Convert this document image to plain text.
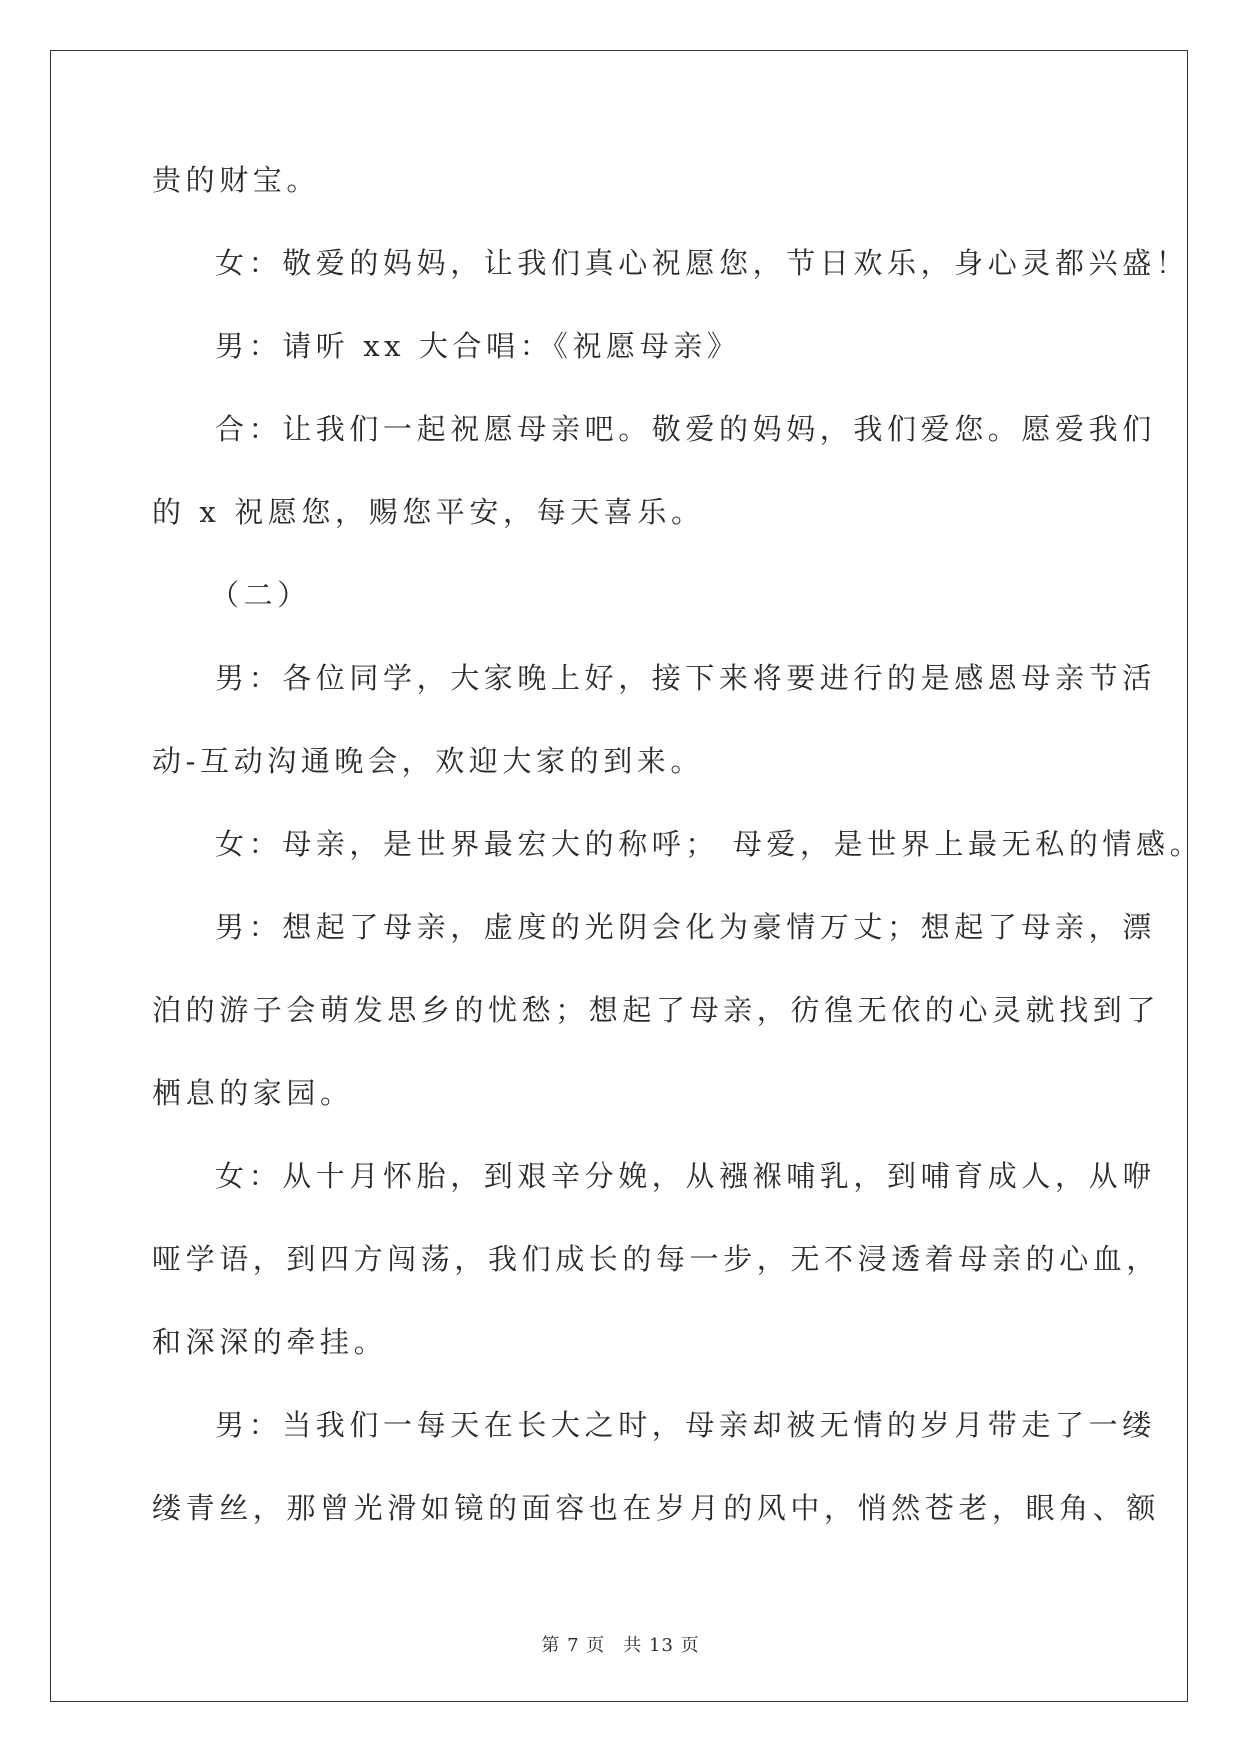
贵的财宝。

女：敬爱的妈妈，让我们真心祝愿您，节日欢乐，身心灵都兴盛！

男：请听 xx 大合唱：《祝愿母亲》

合：让我们一起祝愿母亲吧。敬爱的妈妈，我们爱您。愿爱我们

的 x 祝愿您，赐您平安，每天喜乐。

（二）

男：各位同学，大家晚上好，接下来将要进行的是感恩母亲节活

动-互动沟通晚会，欢迎大家的到来。

女：母亲，是世界最宏大的称呼； 母爱，是世界上最无私的情感。

男：想起了母亲，虚度的光阴会化为豪情万丈；想起了母亲，漂

泊的游子会萌发思乡的忧愁；想起了母亲，彷徨无依的心灵就找到了

栖息的家园。

女：从十月怀胎，到艰辛分娩，从襁褓哺乳，到哺育成人，从咿

哑学语，到四方闯荡，我们成长的每一步，无不浸透着母亲的心血，

和深深的牵挂。

男：当我们一每天在长大之时，母亲却被无情的岁月带走了一缕

缕青丝，那曾光滑如镜的面容也在岁月的风中，悄然苍老，眼角、额

第 7 页 共 13 页
